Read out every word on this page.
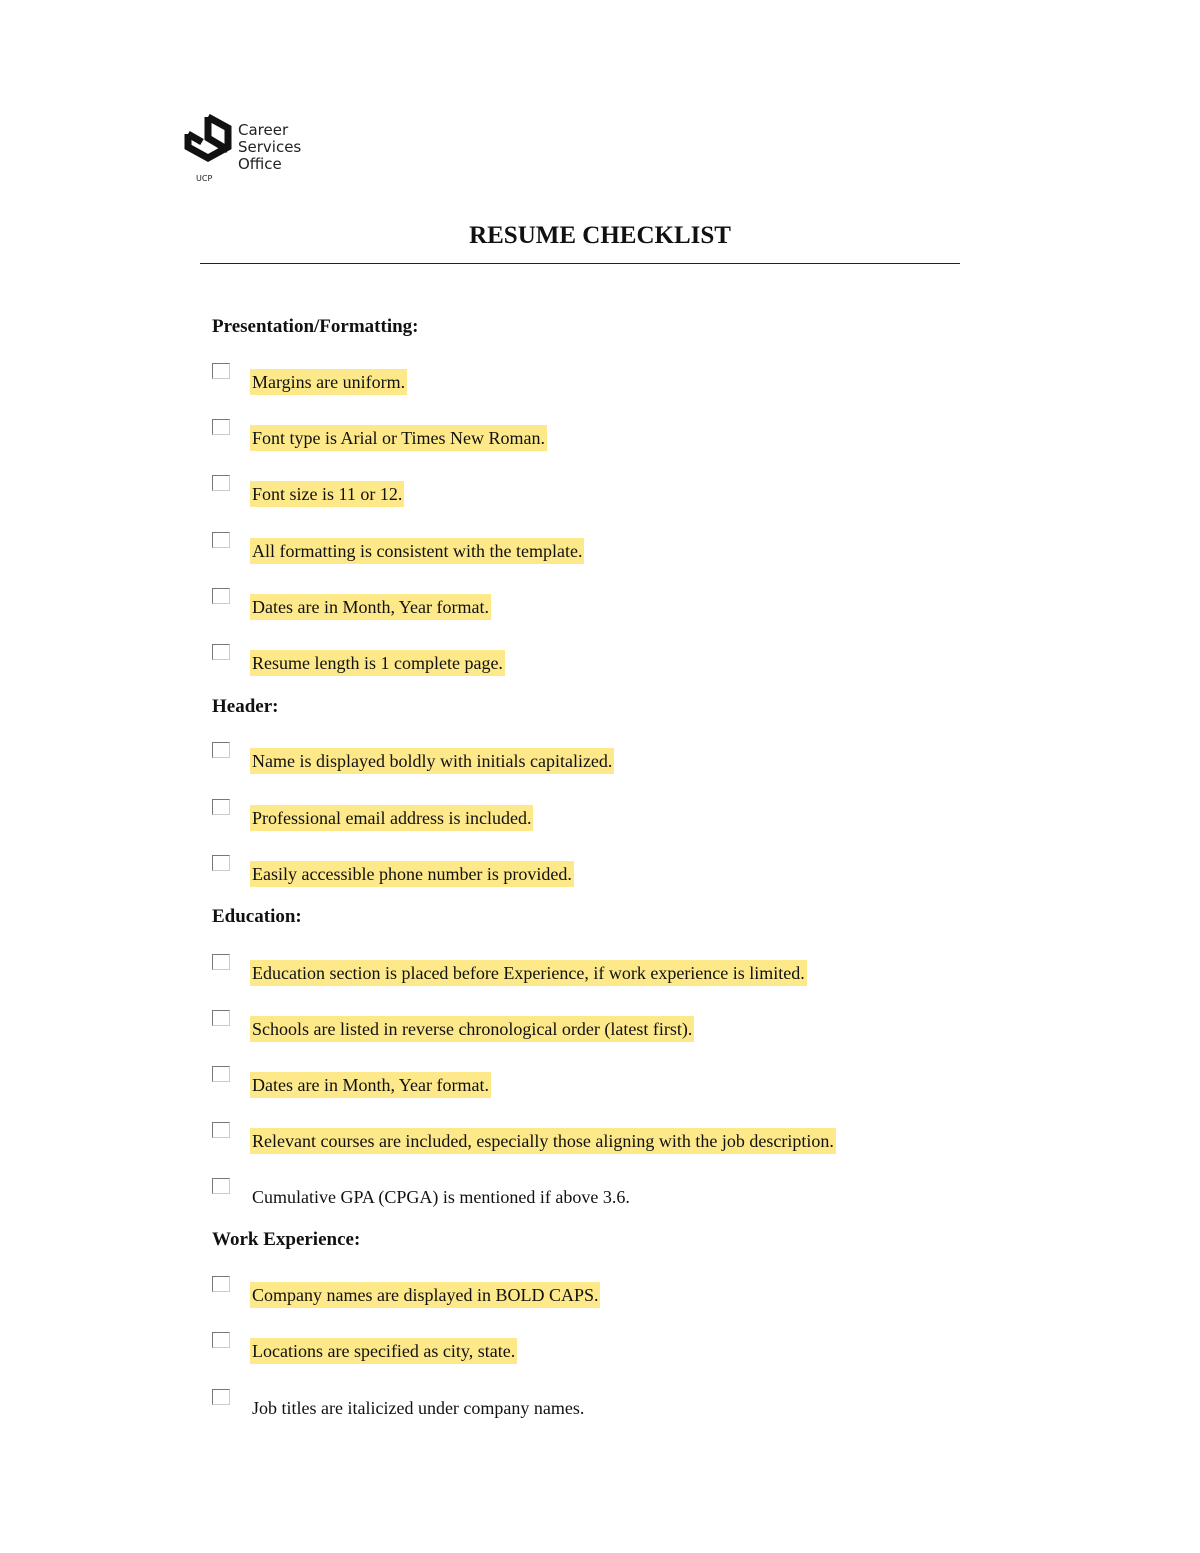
Career
Services
Office
UCP
RESUME CHECKLIST
Presentation/Formatting:
Margins are uniform.
Font type is Arial or Times New Roman.
Font size is 11 or 12.
All formatting is consistent with the template.
Dates are in Month, Year format.
Resume length is 1 complete page.
Header:
Name is displayed boldly with initials capitalized.
Professional email address is included.
Easily accessible phone number is provided.
Education:
Education section is placed before Experience, if work experience is limited.
Schools are listed in reverse chronological order (latest first).
Dates are in Month, Year format.
Relevant courses are included, especially those aligning with the job description.
Cumulative GPA (CPGA) is mentioned if above 3.6.
Work Experience:
Company names are displayed in BOLD CAPS.
Locations are specified as city, state.
Job titles are italicized under company names.
